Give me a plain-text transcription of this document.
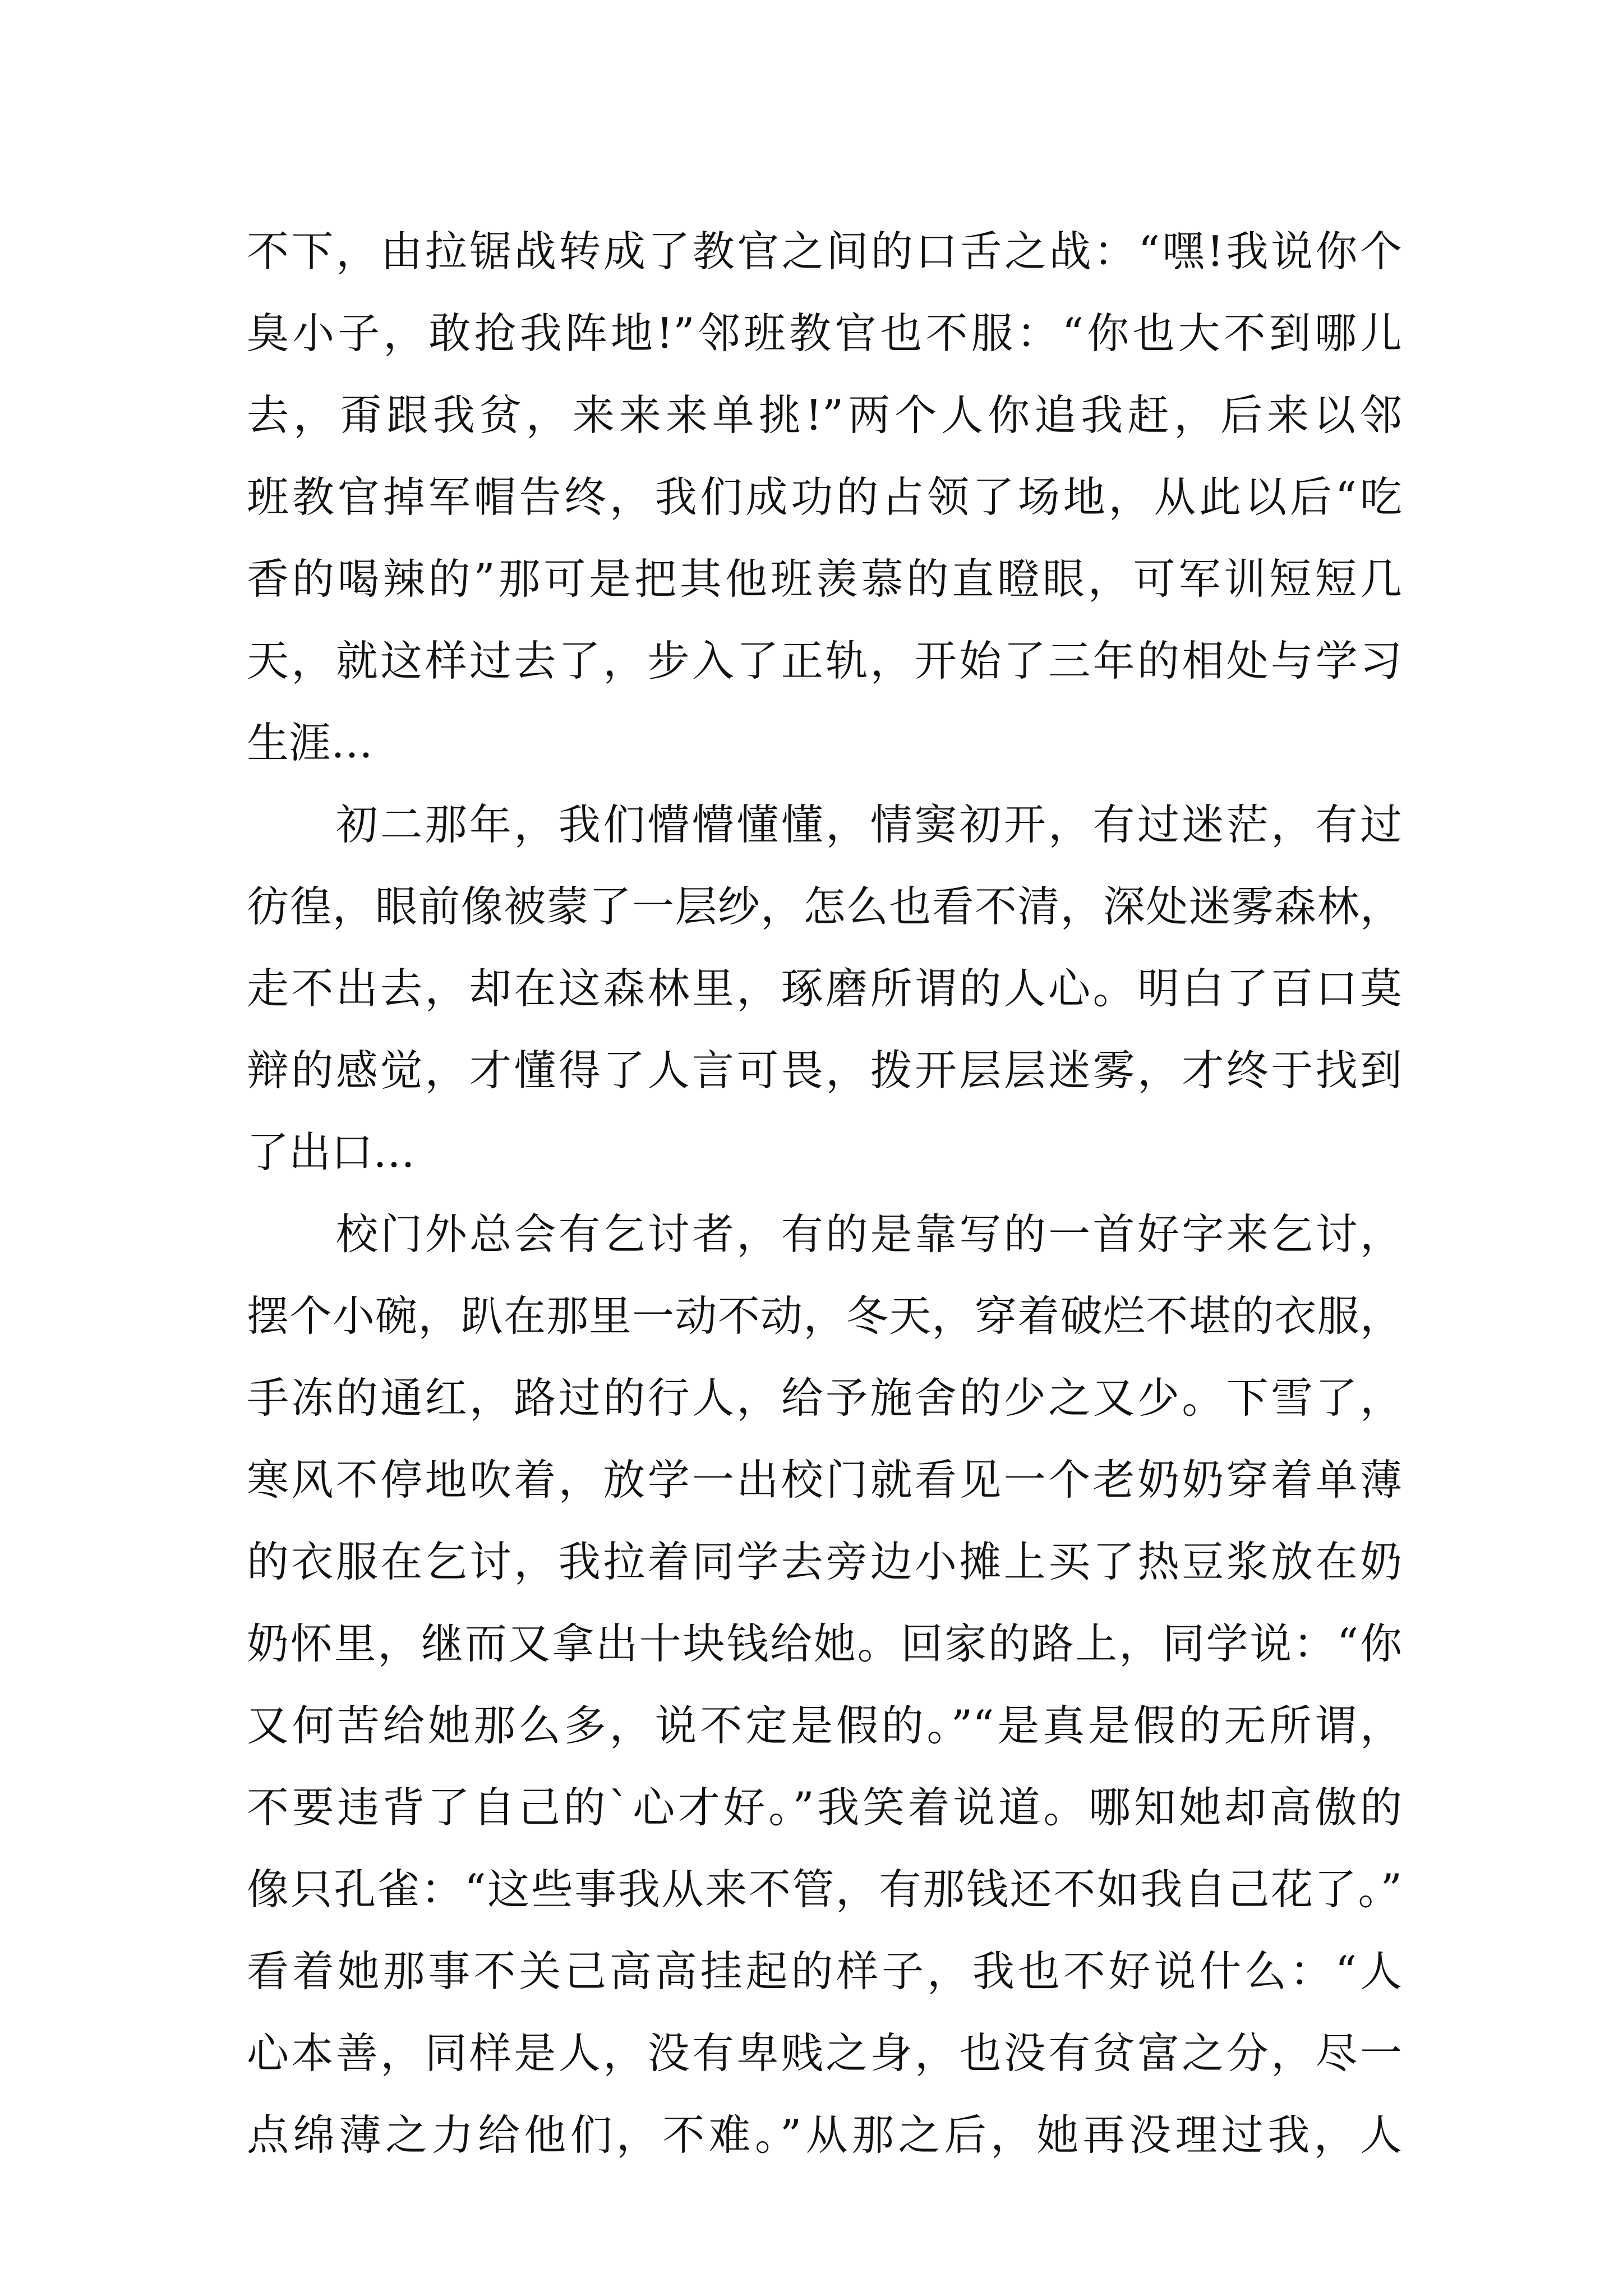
不下，由拉锯战转成了教官之间的口舌之战：“嘿!我说你个
臭小子，敢抢我阵地!”邻班教官也不服：“你也大不到哪儿
去，甭跟我贫，来来来单挑!”两个人你追我赶，后来以邻
班教官掉军帽告终，我们成功的占领了场地，从此以后“吃
香的喝辣的”那可是把其他班羡慕的直瞪眼，可军训短短几
天，就这样过去了，步入了正轨，开始了三年的相处与学习
生涯…
　　初二那年，我们懵懵懂懂，情窦初开，有过迷茫，有过
彷徨，眼前像被蒙了一层纱，怎么也看不清，深处迷雾森林，
走不出去，却在这森林里，琢磨所谓的人心。明白了百口莫
辩的感觉，才懂得了人言可畏，拨开层层迷雾，才终于找到
了出口…
　　校门外总会有乞讨者，有的是靠写的一首好字来乞讨，
摆个小碗，趴在那里一动不动，冬天，穿着破烂不堪的衣服，
手冻的通红，路过的行人，给予施舍的少之又少。下雪了，
寒风不停地吹着，放学一出校门就看见一个老奶奶穿着单薄
的衣服在乞讨，我拉着同学去旁边小摊上买了热豆浆放在奶
奶怀里，继而又拿出十块钱给她。回家的路上，同学说：“你
又何苦给她那么多，说不定是假的。”“是真是假的无所谓，
不要违背了自己的`心才好。”我笑着说道。哪知她却高傲的
像只孔雀：“这些事我从来不管，有那钱还不如我自己花了。”
看着她那事不关己高高挂起的样子，我也不好说什么：“人
心本善，同样是人，没有卑贱之身，也没有贫富之分，尽一
点绵薄之力给他们，不难。”从那之后，她再没理过我，人
